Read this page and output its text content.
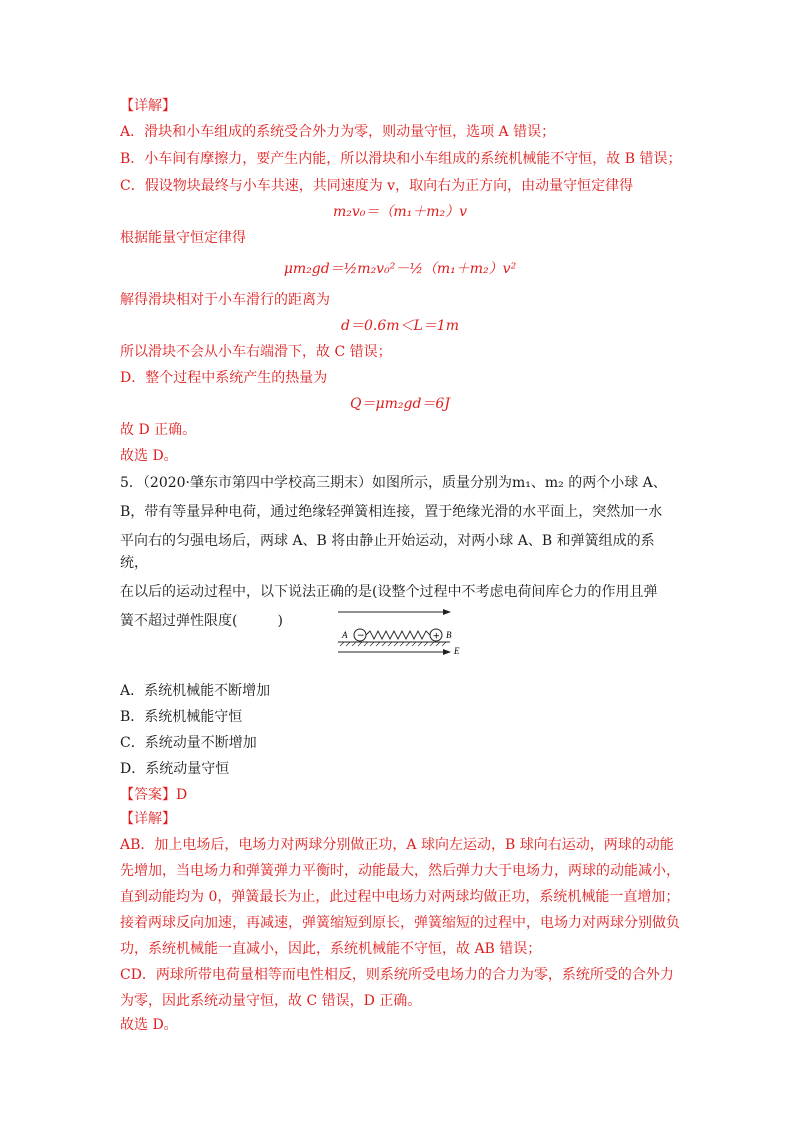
【详解】
A．滑块和小车组成的系统受合外力为零，则动量守恒，选项 A 错误；
B．小车间有摩擦力，要产生内能，所以滑块和小车组成的系统机械能不守恒，故 B 错误；
C．假设物块最终与小车共速，共同速度为 v，取向右为正方向，由动量守恒定律得
m₂v₀＝（m₁＋m₂）v
根据能量守恒定律得
μm₂gd＝½m₂v₀²－½（m₁＋m₂）v²
解得滑块相对于小车滑行的距离为
d＝0.6m＜L＝1m
所以滑块不会从小车右端滑下，故 C 错误；
D．整个过程中系统产生的热量为
Q＝μm₂gd＝6J
故 D 正确。
故选 D。

5．（2020·肇东市第四中学校高三期末）如图所示，质量分别为m₁、m₂ 的两个小球 A、

B，带有等量异种电荷，通过绝缘轻弹簧相连接，置于绝缘光滑的水平面上，突然加一水

平向右的匀强电场后，两球 A、B 将由静止开始运动，对两小球 A、B 和弹簧组成的系统，

在以后的运动过程中，以下说法正确的是(设整个过程中不考虑电荷间库仑力的作用且弹

簧不超过弹性限度(	)

A −	+ B
E
A．系统机械能不断增加
B．系统机械能守恒
C．系统动量不断增加
D．系统动量守恒
【答案】D
【详解】
AB．加上电场后，电场力对两球分别做正功，A 球向左运动，B 球向右运动，两球的动能先增加，当电场力和弹簧弹力平衡时，动能最大，然后弹力大于电场力，两球的动能减小，直到动能均为 0，弹簧最长为止，此过程中电场力对两球均做正功，系统机械能一直增加；接着两球反向加速，再减速，弹簧缩短到原长，弹簧缩短的过程中，电场力对两球分别做负功，系统机械能一直减小，因此，系统机械能不守恒，故 AB 错误；
CD．两球所带电荷量相等而电性相反，则系统所受电场力的合力为零，系统所受的合外力为零，因此系统动量守恒，故 C 错误，D 正确。
故选 D。
